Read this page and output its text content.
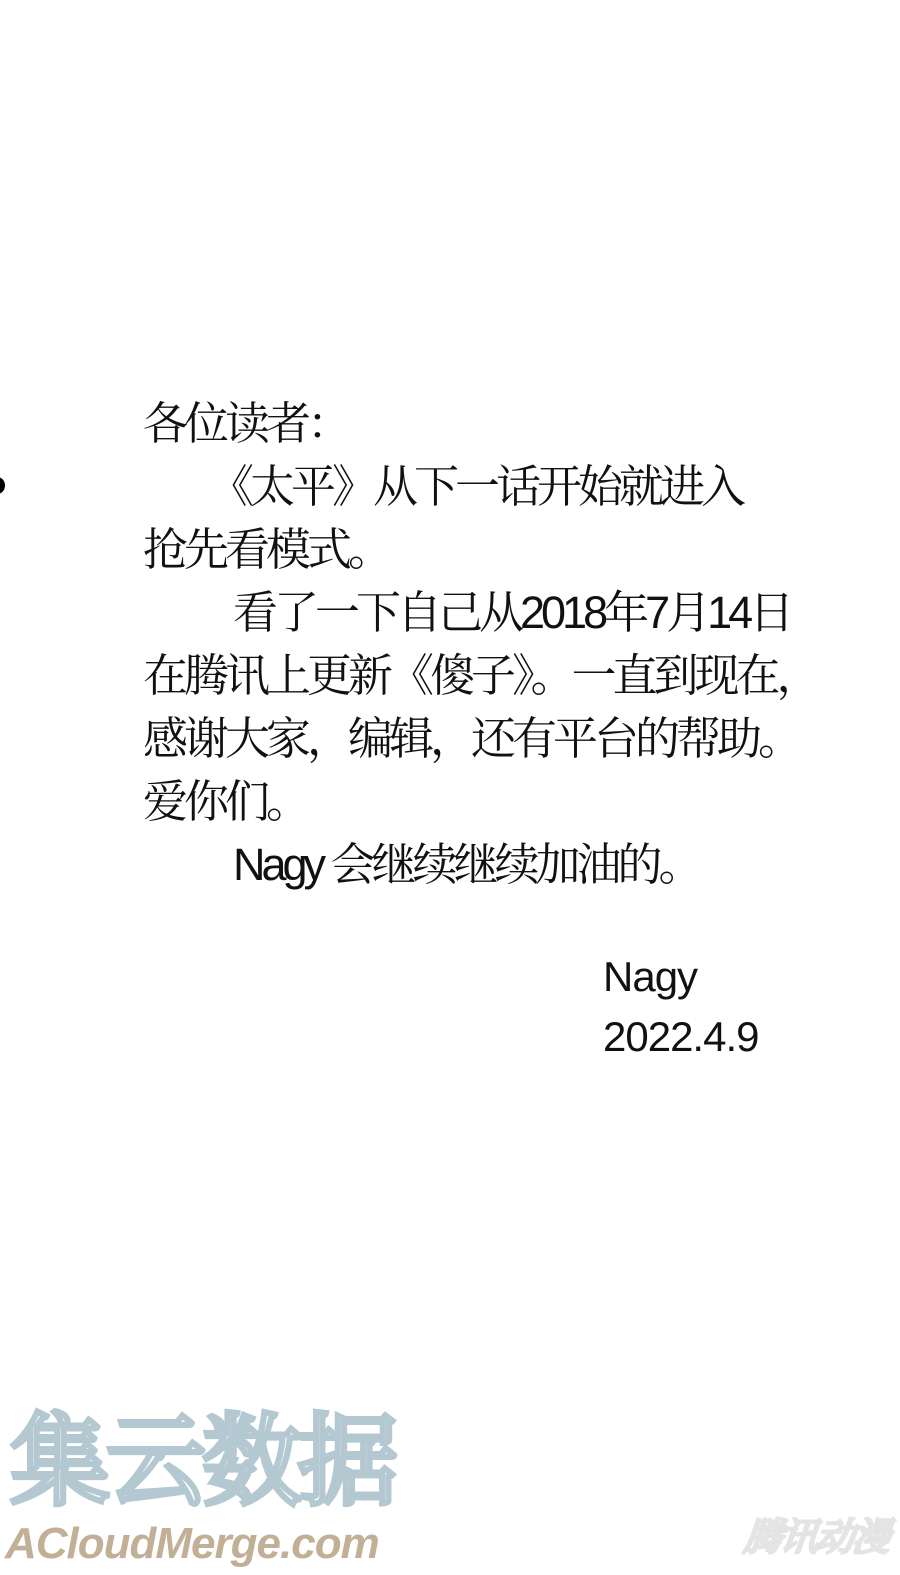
各位读者：
《太平》从下一话开始就进入
抢先看模式。
看了一下自己从2018年7月14日
在腾讯上更新《傻子》。一直到现在，
感谢大家，编辑，还有平台的帮助。
爱你们。
Nagy 会继续继续加油的。
Nagy
2022.4.9
集云数据
ACloudMerge.com	腾讯动漫
